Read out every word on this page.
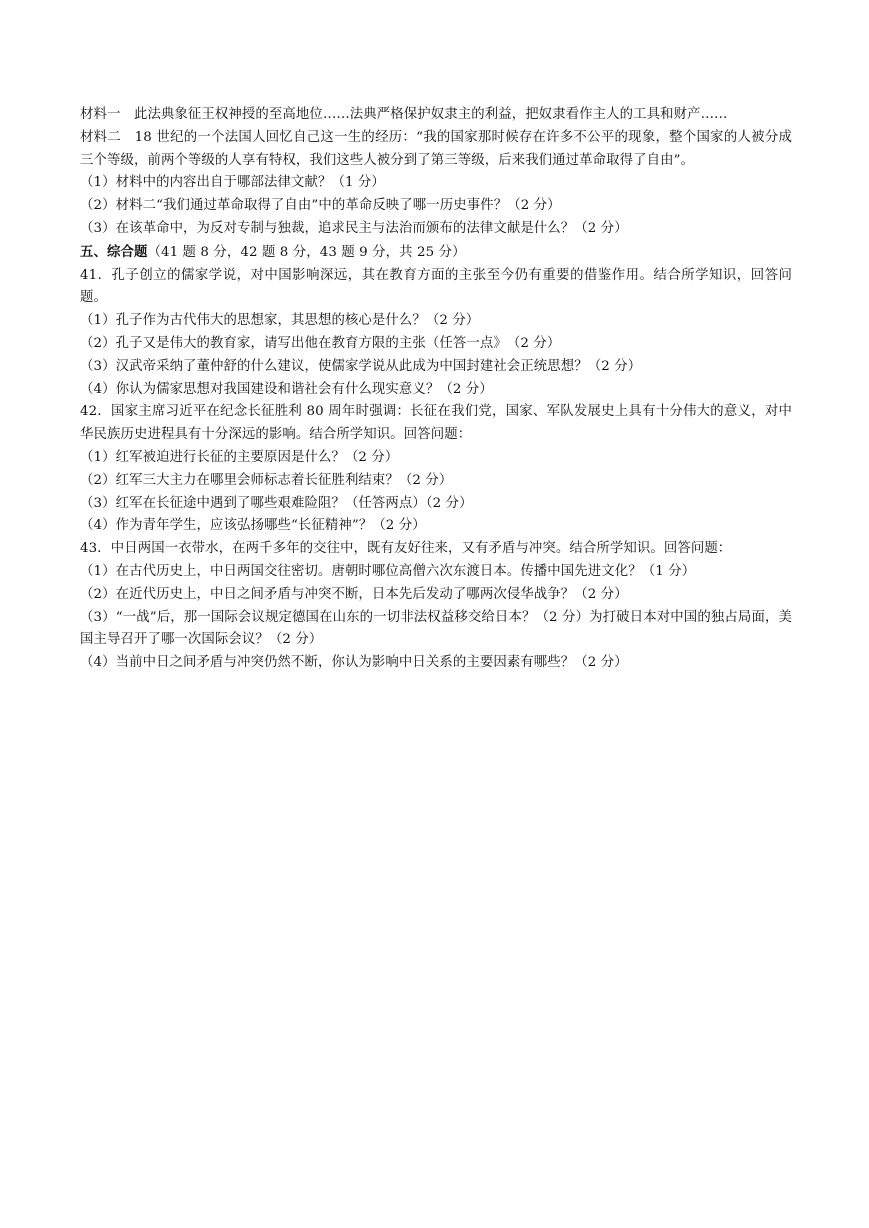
材料一　此法典象征王权神授的至高地位……法典严格保护奴隶主的利益，把奴隶看作主人的工具和财产……

材料二　18 世纪的一个法国人回忆自己这一生的经历：“我的国家那时候存在许多不公平的现象，整个国家的人被分成三个等级，前两个等级的人享有特权，我们这些人被分到了第三等级，后来我们通过革命取得了自由”。

（1）材料中的内容出自于哪部法律文献？（1 分）

（2）材料二“我们通过革命取得了自由”中的革命反映了哪一历史事件？（2 分）

（3）在该革命中，为反对专制与独裁，追求民主与法治而颁布的法律文献是什么？（2 分）

五、综合题（41 题 8 分，42 题 8 分，43 题 9 分，共 25 分）

41．孔子创立的儒家学说，对中国影响深远，其在教育方面的主张至今仍有重要的借鉴作用。结合所学知识，回答问题。

（1）孔子作为古代伟大的思想家，其思想的核心是什么？（2 分）

（2）孔子又是伟大的教育家，请写出他在教育方限的主张（任答一点》　（2 分）

（3）汉武帝采纳了董仲舒的什么建议，使儒家学说从此成为中国封建社会正统思想？（2 分）

（4）你认为儒家思想对我国建设和谐社会有什么现实意义？（2 分）

42．国家主席习近平在纪念长征胜利 80 周年时强调：长征在我们党，国家、军队发展史上具有十分伟大的意义，对中华民族历史进程具有十分深远的影响。结合所学知识。回答问题：

（1）红军被迫进行长征的主要原因是什么？（2 分）

（2）红军三大主力在哪里会师标志着长征胜利结束？（2 分）

（3）红军在长征途中遇到了哪些艰难险阻？（任答两点）（2 分）

（4）作为青年学生，应该弘扬哪些“长征精神”？（2 分）

43．中日两国一衣带水，在两千多年的交往中，既有友好往来，又有矛盾与冲突。结合所学知识。回答问题：

（1）在古代历史上，中日两国交往密切。唐朝时哪位高僧六次东渡日本。传播中国先进文化？（1 分）

（2）在近代历史上，中日之间矛盾与冲突不断，日本先后发动了哪两次侵华战争？（2 分）

（3）“一战”后，那一国际会议规定德国在山东的一切非法权益移交给日本？（2 分）为打破日本对中国的独占局面，美国主导召开了哪一次国际会议？（2 分）

（4）当前中日之间矛盾与冲突仍然不断，你认为影响中日关系的主要因素有哪些？（2 分）
